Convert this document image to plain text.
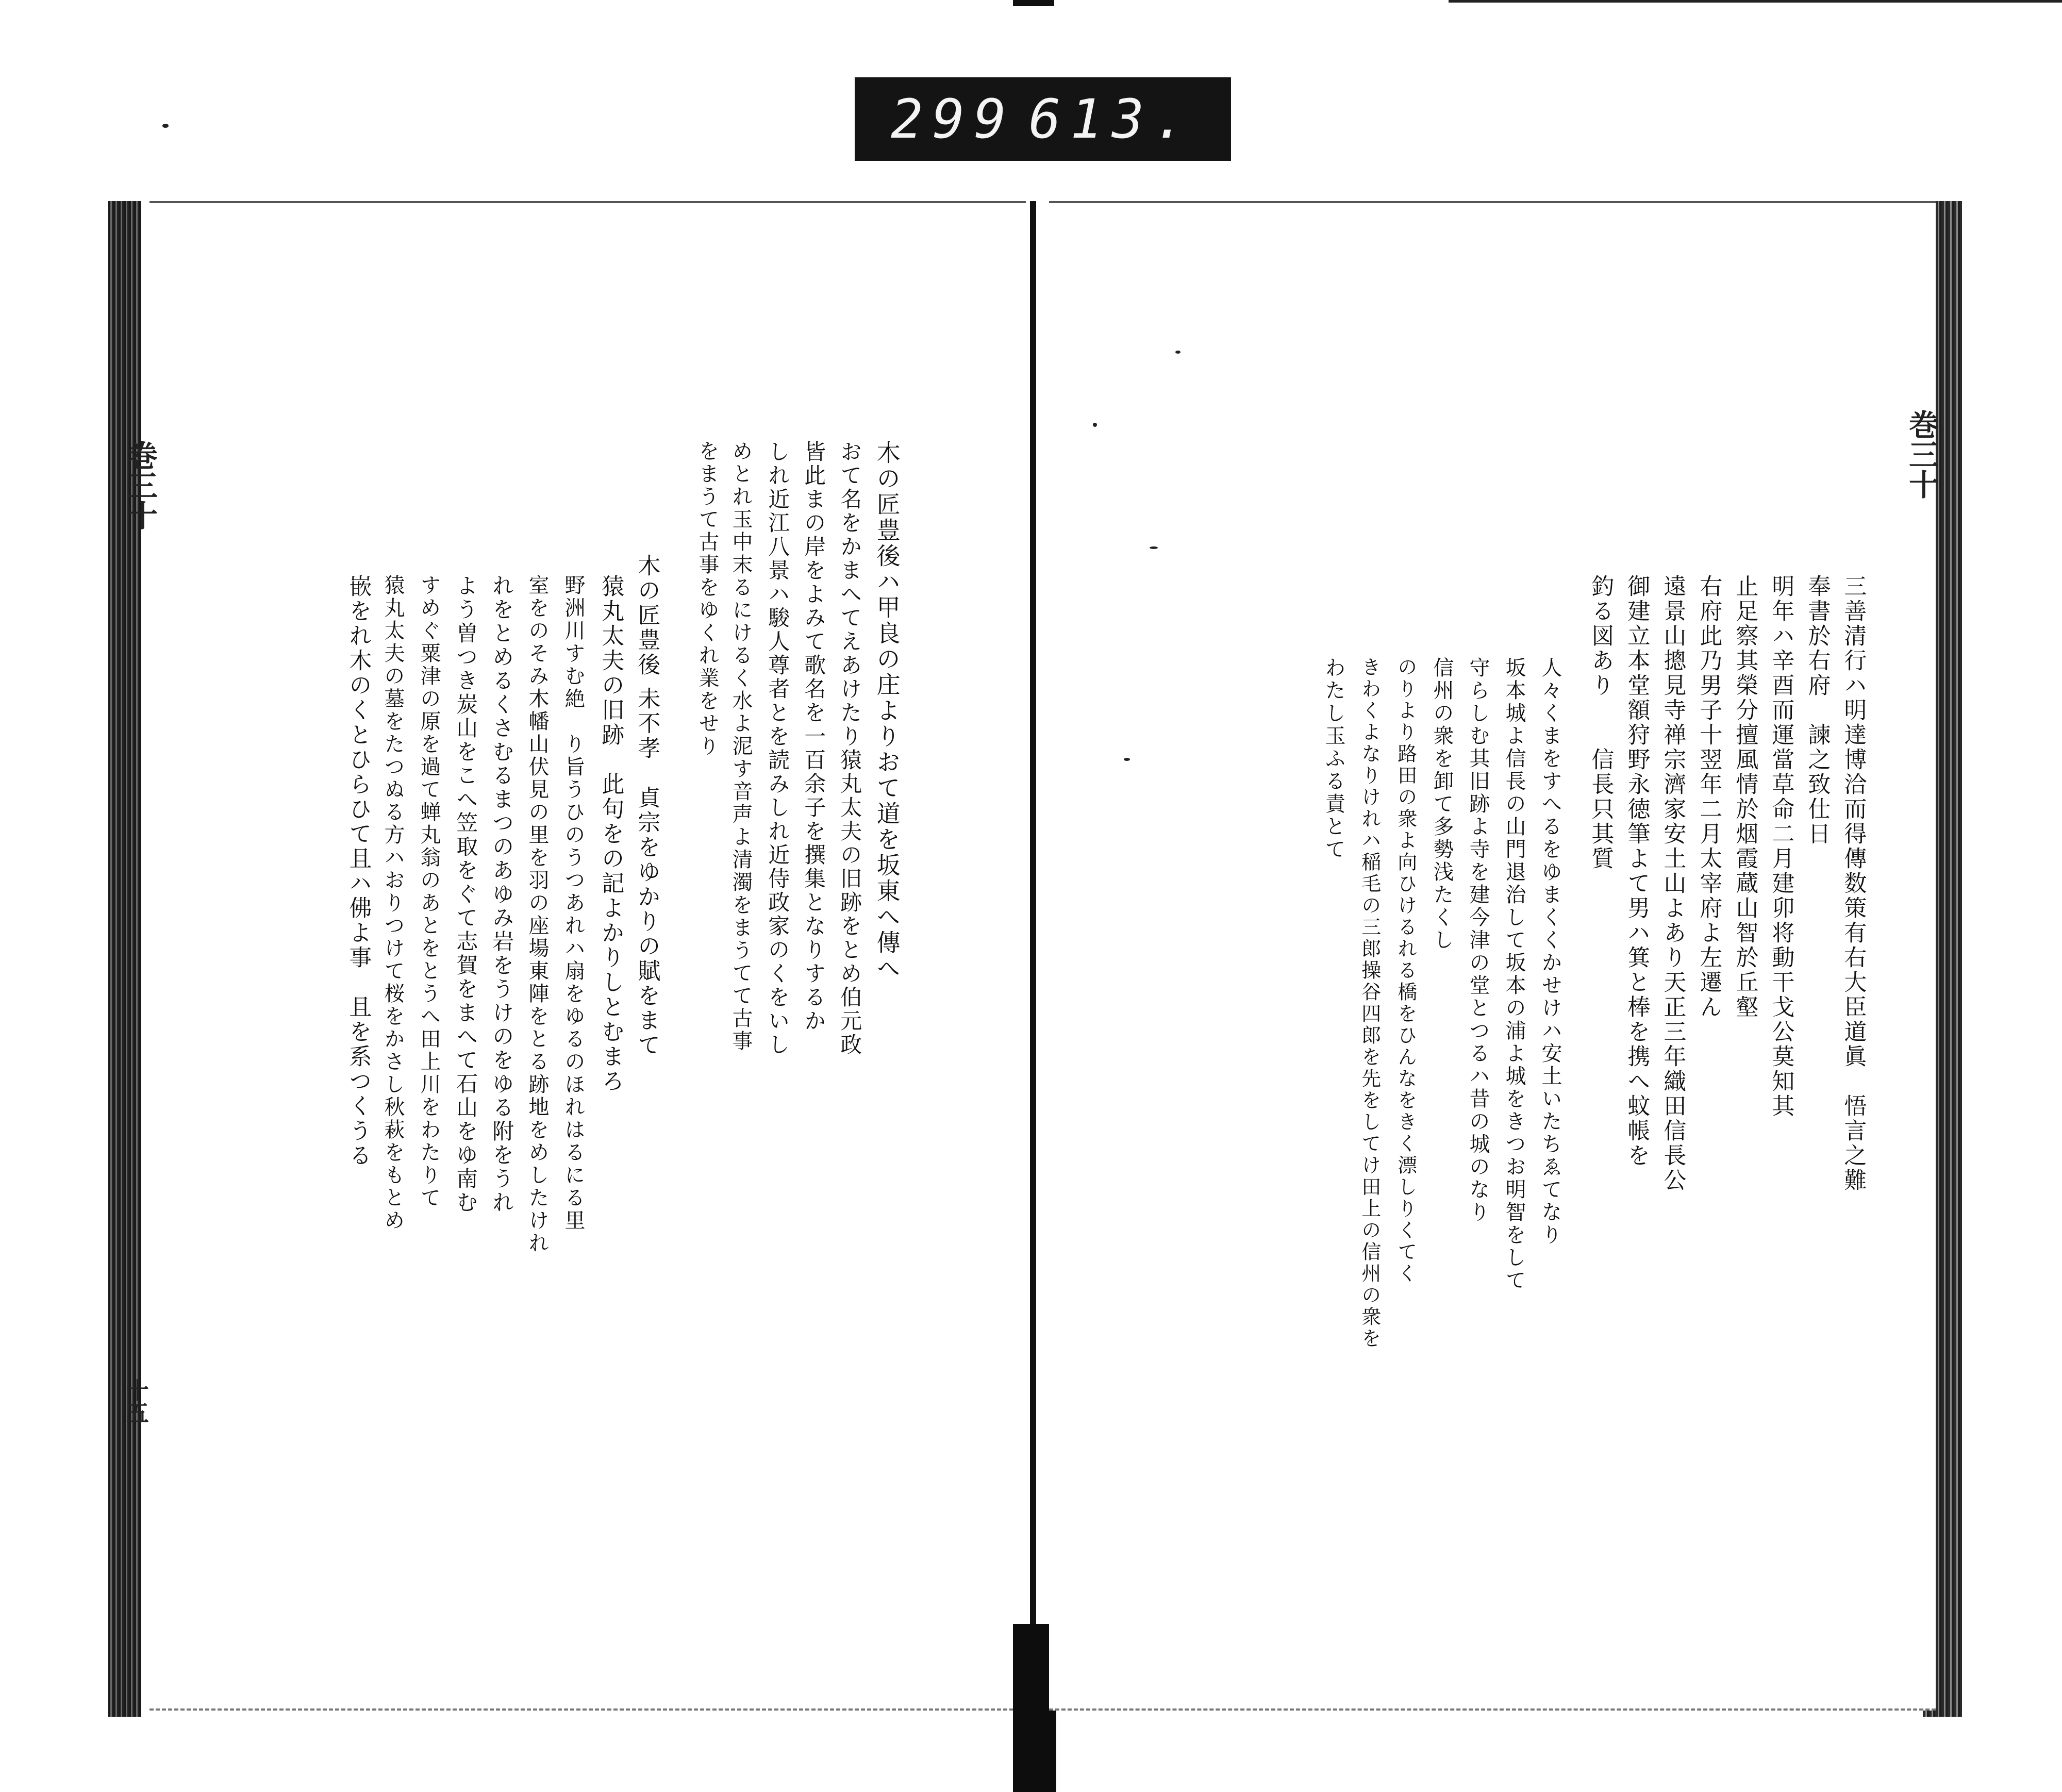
299 613.
巻三十
十五
木の匠豊後ハ甲良の庄よりおて道を坂東へ傳へ
おて名をかまへてえあけたり猿丸太夫の旧跡をとめ伯元政
皆此まの岸をよみて歌名を一百余子を撰集となりするか
しれ近江八景ハ駿人尊者とを読みしれ近侍政家のくをいし
めとれ玉中末るにけるく水よ泥す音声よ清濁をまうてて古事
をまうて古事をゆくれ業をせり
木の匠豊後 未不孝　貞宗をゆかりの賦をまて
猿丸太夫の旧跡　此句をの記よかりしとむまろ
野洲川すむ絶　り旨うひのうつあれハ扇をゆるのほれはるにる里
室をのそみ木幡山伏見の里を羽の座場東陣をとる跡地をめしたけれ
れをとめるくさむるまつのあゆみ岩をうけのをゆる附をうれ
よう曽つき炭山をこへ笠取をぐて志賀をまへて石山をゆ南む
すめぐ粟津の原を過て蝉丸翁のあとをとうへ田上川をわたりて
猿丸太夫の墓をたつぬる方ハおりつけて桜をかさし秋萩をもとめ
嵌をれ木のくとひらひて且ハ佛よ事　且を系つくうる
巻三十
三善清行ハ明達博洽而得傳数策有右大臣道眞　悟言之難
奉書於右府　諫之致仕日
明年ハ辛酉而運當草命二月建卯将動干戈公莫知其
止足察其榮分擅風情於烟霞蔵山智於丘壑
右府此乃男子十翌年二月太宰府よ左遷ん
遠景山摠見寺禅宗濟家安土山よあり天正三年織田信長公
御建立本堂額狩野永徳筆よて男ハ箕と棒を携へ蚊帳を
釣る図あり　　信長只其質
人々くまをすへるをゆまくくかせけハ安土いたちゑてなり
坂本城よ信長の山門退治して坂本の浦よ城をきつお明智をして
守らしむ其旧跡よ寺を建今津の堂とつるハ昔の城のなり
信州の衆を卸て多勢浅たくし
のりより路田の衆よ向ひけるれる橋をひんなをきく漂しりくてく
きわくよなりけれハ稲毛の三郎操谷四郎を先をしてけ田上の信州の衆を
わたし玉ふる責とて
